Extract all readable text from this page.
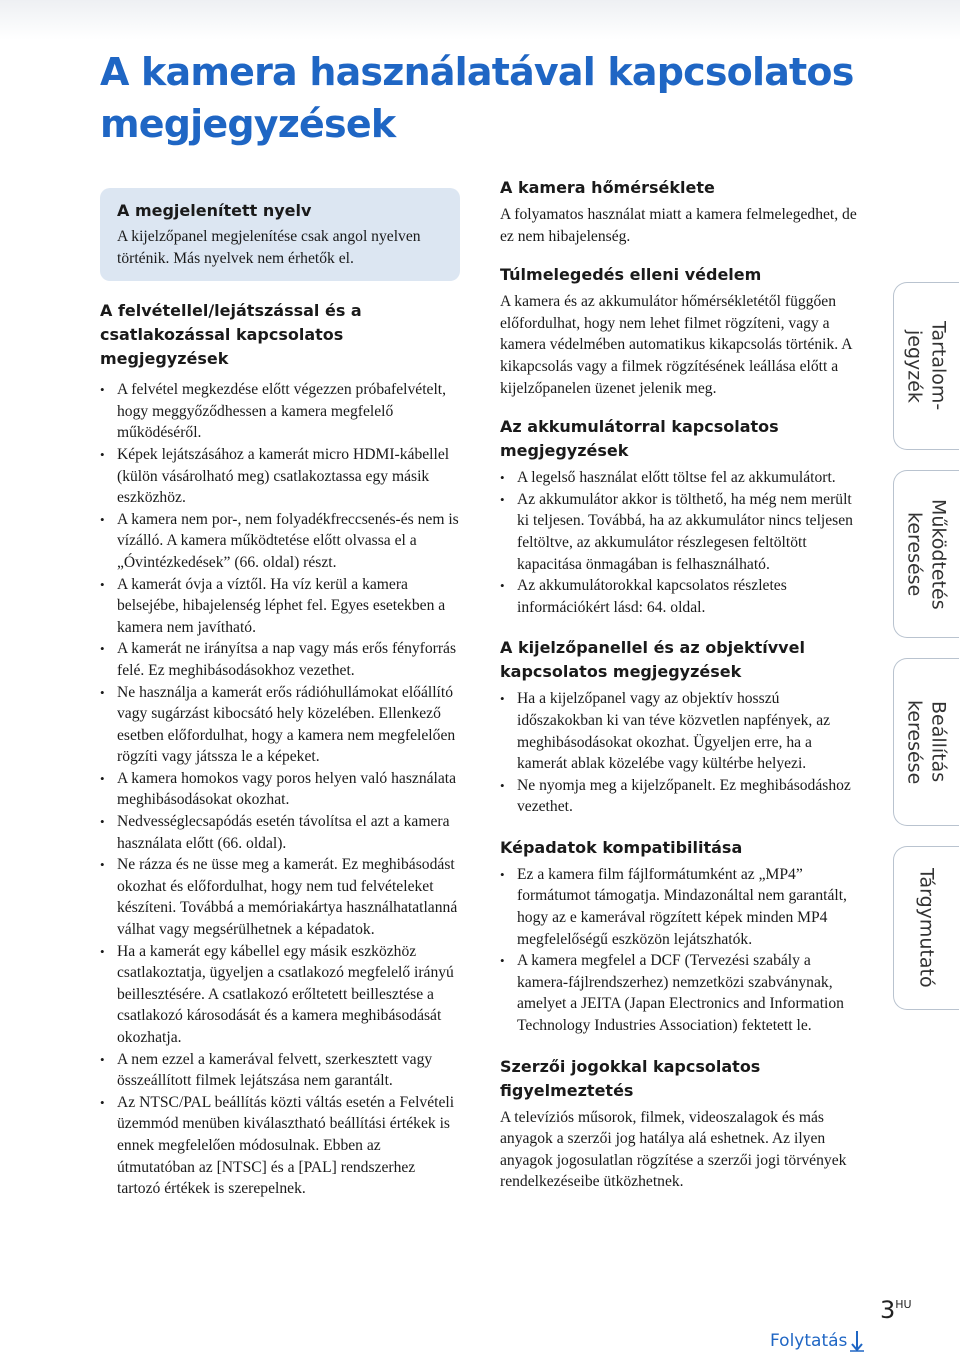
A kamera használatával kapcsolatos megjegyzések

A megjelenített nyelv

A kijelzőpanel megjelenítése csak angol nyelven történik. Más nyelvek nem érhetők el.

A felvétellel/lejátszással és a csatlakozással kapcsolatos megjegyzések
• A felvétel megkezdése előtt végezzen próbafelvételt, hogy meggyőződhessen a kamera megfelelő működéséről.
• Képek lejátszásához a kamerát micro HDMI-kábellel (külön vásárolható meg) csatlakoztassa egy másik eszközhöz.
• A kamera nem por-, nem folyadékfreccsenés-és nem is vízálló. A kamera működtetése előtt olvassa el a „Óvintézkedések” (66. oldal) részt.
• A kamerát óvja a víztől. Ha víz kerül a kamera belsejébe, hibajelenség léphet fel. Egyes esetekben a kamera nem javítható.
• A kamerát ne irányítsa a nap vagy más erős fényforrás felé. Ez meghibásodásokhoz vezethet.
• Ne használja a kamerát erős rádióhullámokat előállító vagy sugárzást kibocsátó hely közelében. Ellenkező esetben előfordulhat, hogy a kamera nem megfelelően rögzíti vagy játssza le a képeket.
• A kamera homokos vagy poros helyen való használata meghibásodásokat okozhat.
• Nedvességlecsapódás esetén távolítsa el azt a kamera használata előtt (66. oldal).
• Ne rázza és ne üsse meg a kamerát. Ez meghibásodást okozhat és előfordulhat, hogy nem tud felvételeket készíteni. Továbbá a memóriakártya használhatatlanná válhat vagy megsérülhetnek a képadatok.
• Ha a kamerát egy kábellel egy másik eszközhöz csatlakoztatja, ügyeljen a csatlakozó megfelelő irányú beillesztésére. A csatlakozó erőltetett beillesztése a csatlakozó károsodását és a kamera meghibásodását okozhatja.
• A nem ezzel a kamerával felvett, szerkesztett vagy összeállított filmek lejátszása nem garantált.
• Az NTSC/PAL beállítás közti váltás esetén a Felvételi üzemmód menüben kiválasztható beállítási értékek is ennek megfelelően módosulnak. Ebben az útmutatóban az [NTSC] és a [PAL] rendszerhez tartozó értékek is szerepelnek.
A kamera hőmérséklete

A folyamatos használat miatt a kamera felmelegedhet, de ez nem hibajelenség.

Túlmelegedés elleni védelem

A kamera és az akkumulátor hőmérsékletétől függően előfordulhat, hogy nem lehet filmet rögzíteni, vagy a kamera védelmében automatikus kikapcsolás történik. A kikapcsolás vagy a filmek rögzítésének leállása előtt a kijelzőpanelen üzenet jelenik meg.

Az akkumulátorral kapcsolatos megjegyzések
• A legelső használat előtt töltse fel az akkumulátort.
• Az akkumulátor akkor is tölthető, ha még nem merült ki teljesen. Továbbá, ha az akkumulátor nincs teljesen feltöltve, az akkumulátor részlegesen feltöltött kapacitása önmagában is felhasználható.
• Az akkumulátorokkal kapcsolatos részletes információkért lásd: 64. oldal.
A kijelzőpanellel és az objektívvel kapcsolatos megjegyzések
• Ha a kijelzőpanel vagy az objektív hosszú időszakokban ki van téve közvetlen napfények, az meghibásodásokat okozhat. Ügyeljen erre, ha a kamerát ablak közelébe vagy kültérbe helyezi.
• Ne nyomja meg a kijelzőpanelt. Ez meghibásodáshoz vezethet.
Képadatok kompatibilitása
• Ez a kamera film fájlformátumként az „MP4” formátumot támogatja. Mindazonáltal nem garantált, hogy az e kamerával rögzített képek minden MP4 megfelelőségű eszközön lejátszhatók.
• A kamera megfelel a DCF (Tervezési szabály a kamera-fájlrendszerhez) nemzetközi szabványnak, amelyet a JEITA (Japan Electronics and Information Technology Industries Association) fektetett le.
Szerzői jogokkal kapcsolatos figyelmeztetés

A televíziós műsorok, filmek, videoszalagok és más anyagok a szerzői jog hatálya alá eshetnek. Az ilyen anyagok jogosulatlan rögzítése a szerzői jogi törvények rendelkezéseibe ütközhetnek.

Tartalom-
jegyzék
Működtetés
keresése
Beállítás
keresése
Tárgymutató
$3^{HU}$
Folytatás
